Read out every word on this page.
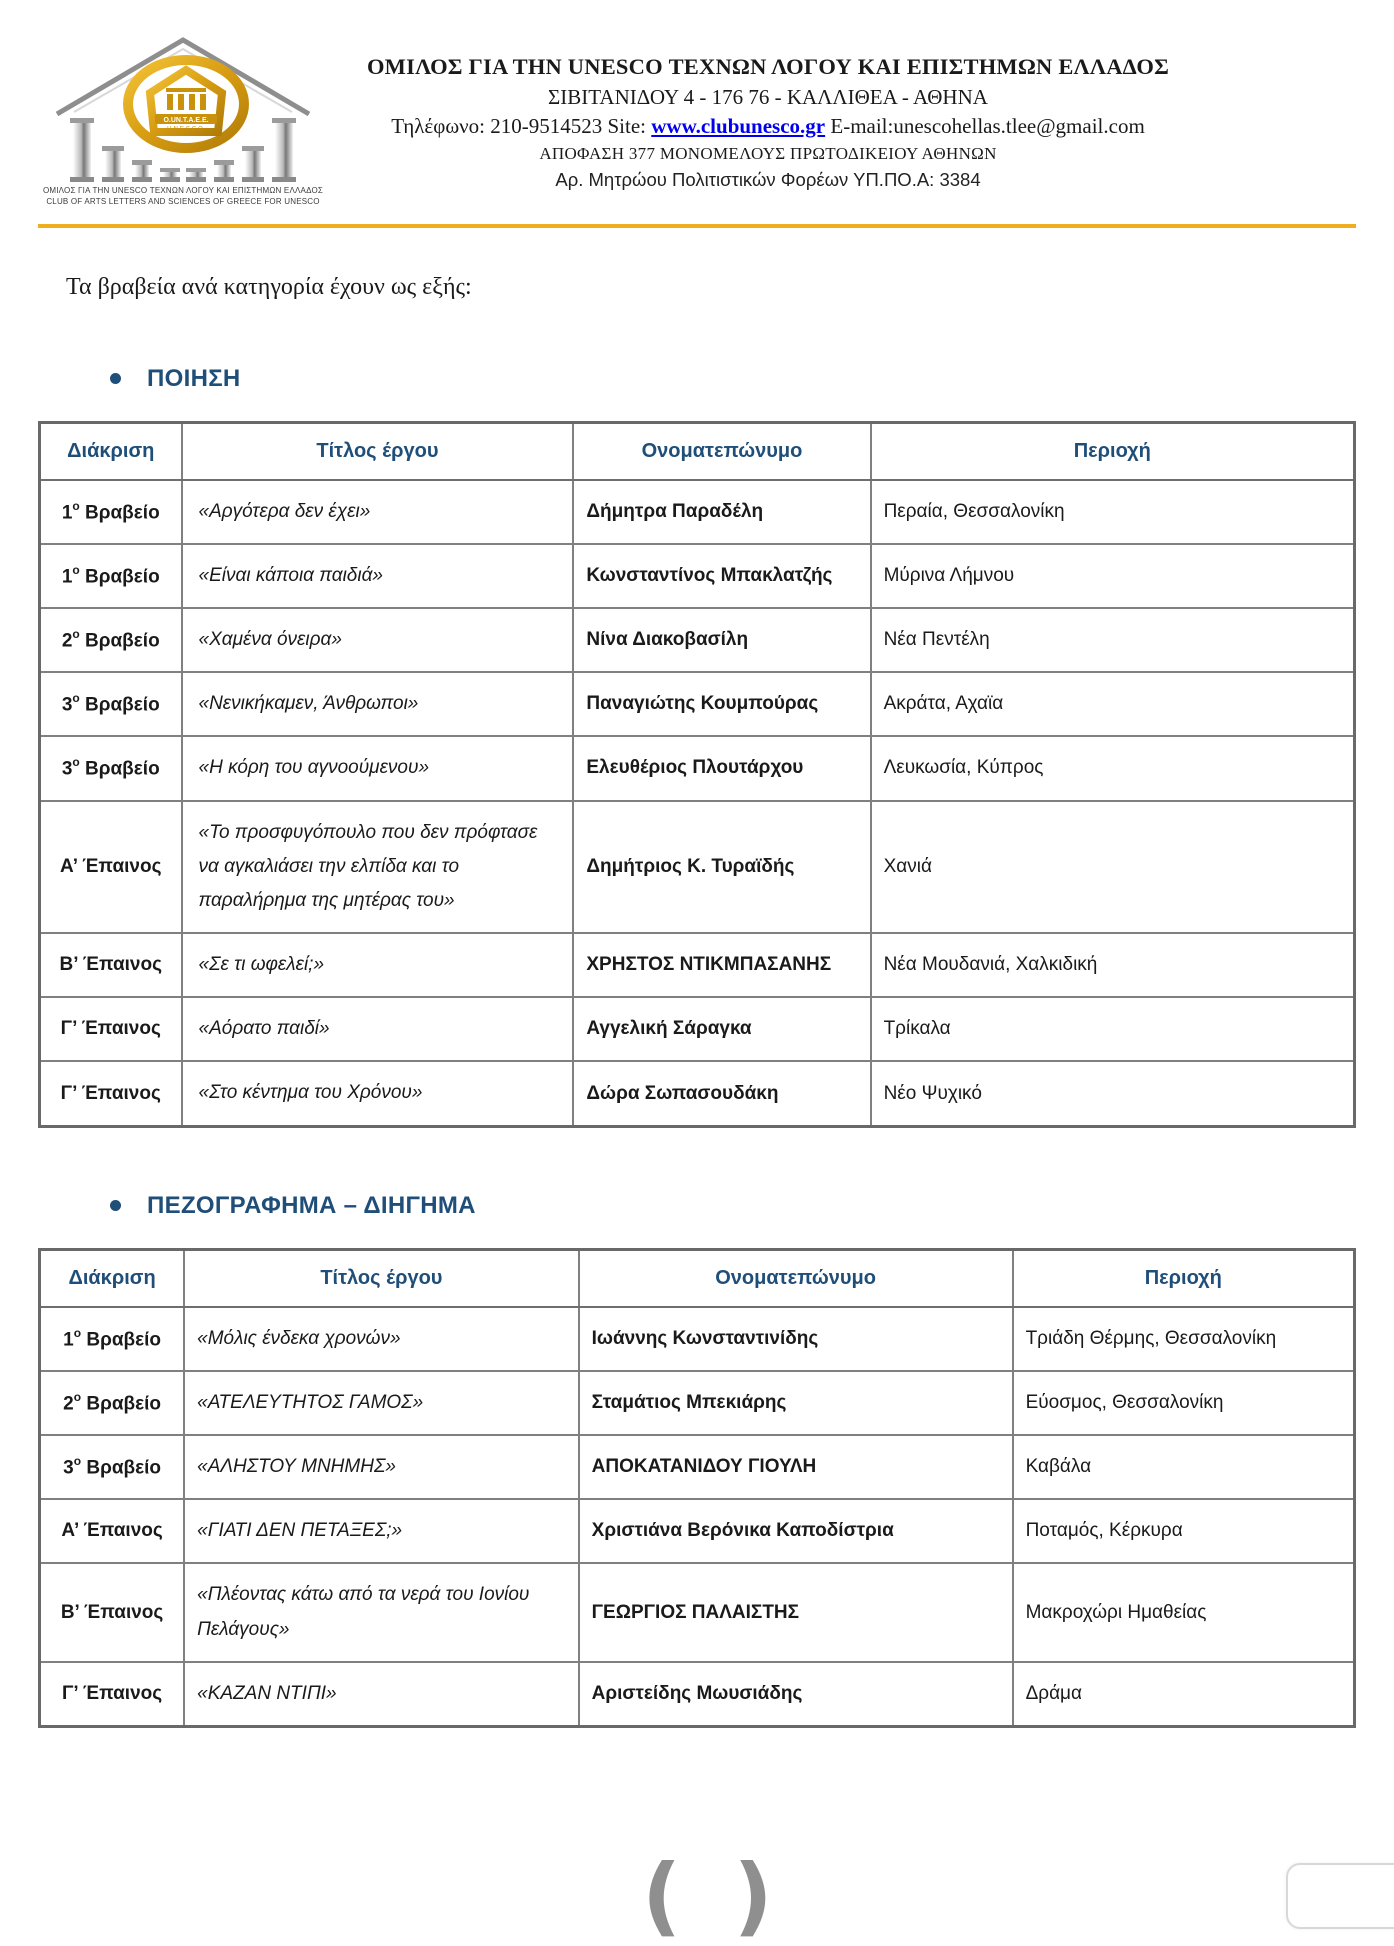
O.UN.T.A.E.E.
UNESCO
ΟΜΙΛΟΣ ΓΙΑ ΤΗΝ UNESCO ΤΕΧΝΩΝ ΛΟΓΟΥ ΚΑΙ ΕΠΙΣΤΗΜΩΝ ΕΛΛΑΔΟΣ
CLUB OF ARTS LETTERS AND SCIENCES OF GREECE FOR UNESCO
ΟΜΙΛΟΣ ΓΙΑ ΤΗΝ UNESCO ΤΕΧΝΩΝ ΛΟΓΟΥ ΚΑΙ ΕΠΙΣΤΗΜΩΝ ΕΛΛΑΔΟΣ
ΣΙΒΙΤΑΝΙΔΟΥ 4 - 176 76 - ΚΑΛΛΙΘΕΑ - ΑΘΗΝΑ
Τηλέφωνο: 210-9514523 Site: www.clubunesco.gr E-mail:unescohellas.tlee@gmail.com
ΑΠΟΦΑΣΗ 377 ΜΟΝΟΜΕΛΟΥΣ ΠΡΩΤΟΔΙΚΕΙΟΥ ΑΘΗΝΩΝ
Αρ. Μητρώου Πολιτιστικών Φορέων ΥΠ.ΠΟ.Α: 3384

Τα βραβεία ανά κατηγορία έχουν ως εξής:

ΠΟΙΗΣΗ
Διάκριση	Τίτλος έργου	Ονοματεπώνυμο	Περιοχή
$1^o$ Βραβείο	«Αργότερα δεν έχει»	Δήμητρα Παραδέλη	Περαία, Θεσσαλονίκη
$1^o$ Βραβείο	«Είναι κάποια παιδιά»	Κωνσταντίνος Μπακλατζής	Μύρινα Λήμνου
$2^o$ Βραβείο	«Χαμένα όνειρα»	Νίνα Διακοβασίλη	Νέα Πεντέλη
$3^o$ Βραβείο	«Νενικήκαμεν, Άνθρωποι»	Παναγιώτης Κουμπούρας	Ακράτα, Αχαϊα
$3^o$ Βραβείο	«Η κόρη του αγνοούμενου»	Ελευθέριος Πλουτάρχου	Λευκωσία, Κύπρος
Α’ Έπαινος	«Το προσφυγόπουλο που δεν πρόφτασε να αγκαλιάσει την ελπίδα και το παραλήρημα της μητέρας του»	Δημήτριος Κ. Τυραϊδής	Χανιά
Β’ Έπαινος	«Σε τι ωφελεί;»	ΧΡΗΣΤΟΣ ΝΤΙΚΜΠΑΣΑΝΗΣ	Νέα Μουδανιά, Χαλκιδική
Γ’ Έπαινος	«Αόρατο παιδί»	Αγγελική Σάραγκα	Τρίκαλα
Γ’ Έπαινος	«Στο κέντημα του Χρόνου»	Δώρα Σωπασουδάκη	Νέο Ψυχικό
ΠΕΖΟΓΡΑΦΗΜΑ – ΔΙΗΓΗΜΑ
Διάκριση	Τίτλος έργου	Ονοματεπώνυμο	Περιοχή
$1^o$ Βραβείο	«Μόλις ένδεκα χρονών»	Ιωάννης Κωνσταντινίδης	Τριάδη Θέρμης, Θεσσαλονίκη
$2^o$ Βραβείο	«ΑΤΕΛΕΥΤΗΤΟΣ ΓΑΜΟΣ»	Σταμάτιος Μπεκιάρης	Εύοσμος, Θεσσαλονίκη
$3^o$ Βραβείο	«ΑΛΗΣΤΟΥ ΜΝΗΜΗΣ»	ΑΠΟΚΑΤΑΝΙΔΟΥ ΓΙΟΥΛΗ	Καβάλα
Α’ Έπαινος	«ΓΙΑΤΙ ΔΕΝ ΠΕΤΑΞΕΣ;»	Χριστιάνα Βερόνικα Καποδίστρια	Ποταμός, Κέρκυρα
Β’ Έπαινος	«Πλέοντας κάτω από τα νερά του Ιονίου Πελάγους»	ΓΕΩΡΓΙΟΣ ΠΑΛΑΙΣΤΗΣ	Μακροχώρι Ημαθείας
Γ’ Έπαινος	«ΚΑΖΑΝ ΝΤΙΠΙ»	Αριστείδης Μωυσιάδης	Δράμα
( )
